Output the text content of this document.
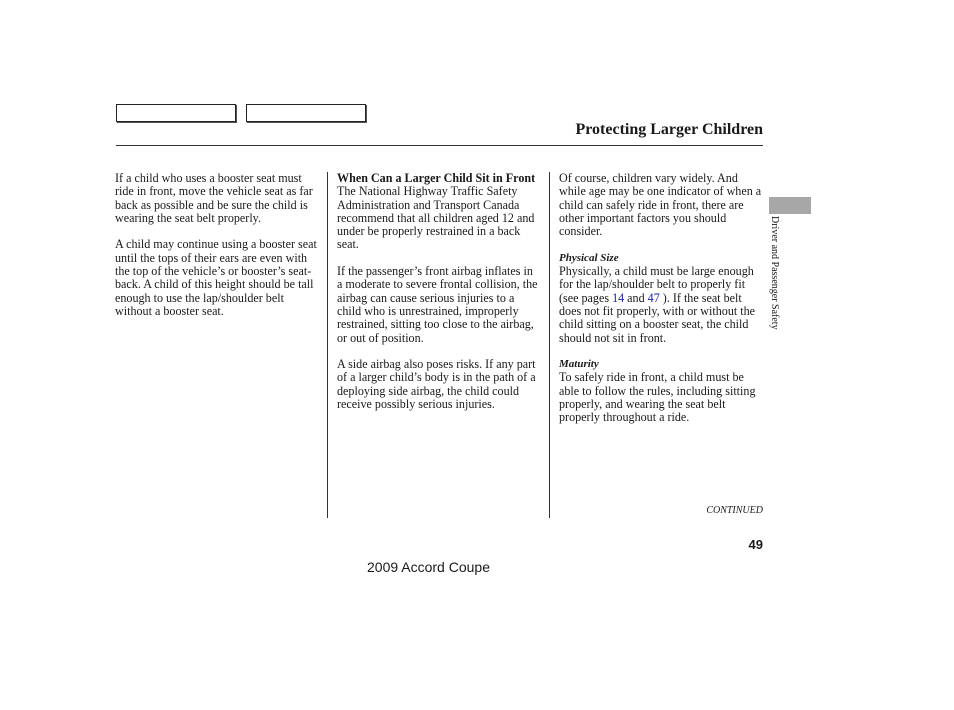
Protecting Larger Children

If a child who uses a booster seat must ride in front, move the vehicle seat as far back as possible and be sure the child is wearing the seat belt properly.

A child may continue using a booster seat until the tops of their ears are even with the top of the vehicle’s or booster’s seat-back. A child of this height should be tall enough to use the lap/shoulder belt without a booster seat.

When Can a Larger Child Sit in Front

The National Highway Traffic Safety Administration and Transport Canada recommend that all children aged 12 and under be properly restrained in a back seat.

If the passenger’s front airbag inflates in a moderate to severe frontal collision, the airbag can cause serious injuries to a child who is unrestrained, improperly restrained, sitting too close to the airbag, or out of position.

A side airbag also poses risks. If any part of a larger child’s body is in the path of a deploying side airbag, the child could receive possibly serious injuries.

Of course, children vary widely. And while age may be one indicator of when a child can safely ride in front, there are other important factors you should consider.

Physical Size

Physically, a child must be large enough for the lap/shoulder belt to properly fit (see pages 14 and 47 ). If the seat belt does not fit properly, with or without the child sitting on a booster seat, the child should not sit in front.

Maturity

To safely ride in front, a child must be able to follow the rules, including sitting properly, and wearing the seat belt properly throughout a ride.

Driver and Passenger Safety
CONTINUED
49
2009 Accord Coupe
